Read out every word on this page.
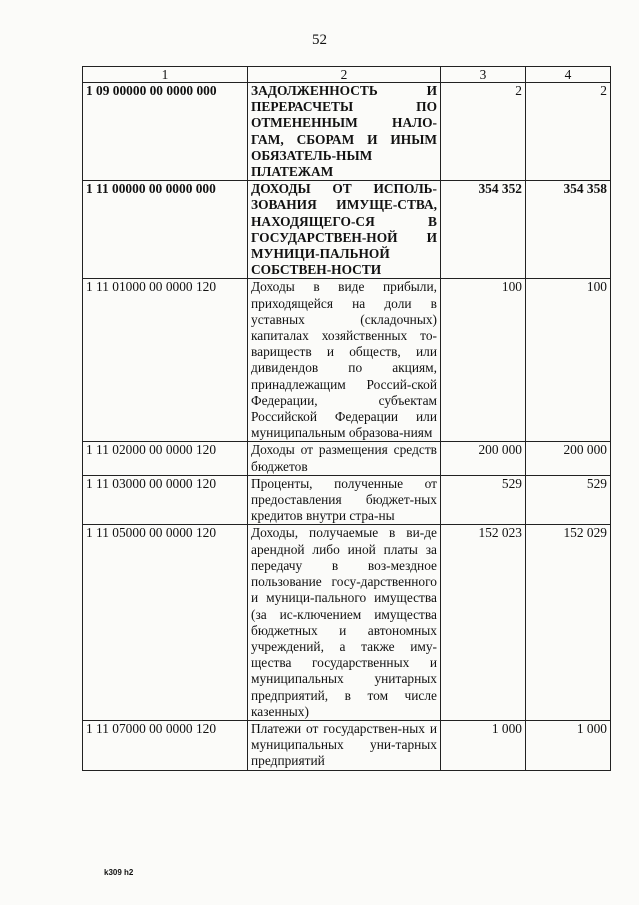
52
1	2	3	4
1 09 00000 00 0000 000	ЗАДОЛЖЕННОСТЬ И ПЕРЕРАСЧЕТЫ ПО ОТМЕНЕННЫМ НАЛО-ГАМ, СБОРАМ И ИНЫМ ОБЯЗАТЕЛЬ-НЫМ ПЛАТЕЖАМ	2	2
1 11 00000 00 0000 000	ДОХОДЫ ОТ ИСПОЛЬ-ЗОВАНИЯ ИМУЩЕ-СТВА, НАХОДЯЩЕГО-СЯ В ГОСУДАРСТВЕН-НОЙ И МУНИЦИ-ПАЛЬНОЙ СОБСТВЕН-НОСТИ	354 352	354 358
1 11 01000 00 0000 120	Доходы в виде прибыли, приходящейся на доли в уставных (складочных) капиталах хозяйственных то-вариществ и обществ, или дивидендов по акциям, принадлежащим Россий-ской Федерации, субъектам Российской Федерации или муниципальным образова-ниям	100	100
1 11 02000 00 0000 120	Доходы от размещения средств бюджетов	200 000	200 000
1 11 03000 00 0000 120	Проценты, полученные от предоставления бюджет-ных кредитов внутри стра-ны	529	529
1 11 05000 00 0000 120	Доходы, получаемые в ви-де арендной либо иной платы за передачу в воз-мездное пользование госу-дарственного и муници-пального имущества (за ис-ключением имущества бюджетных и автономных учреждений, а также иму-щества государственных и муниципальных унитарных предприятий, в том числе казенных)	152 023	152 029
1 11 07000 00 0000 120	Платежи от государствен-ных и муниципальных уни-тарных предприятий	1 000	1 000
k309 h2
